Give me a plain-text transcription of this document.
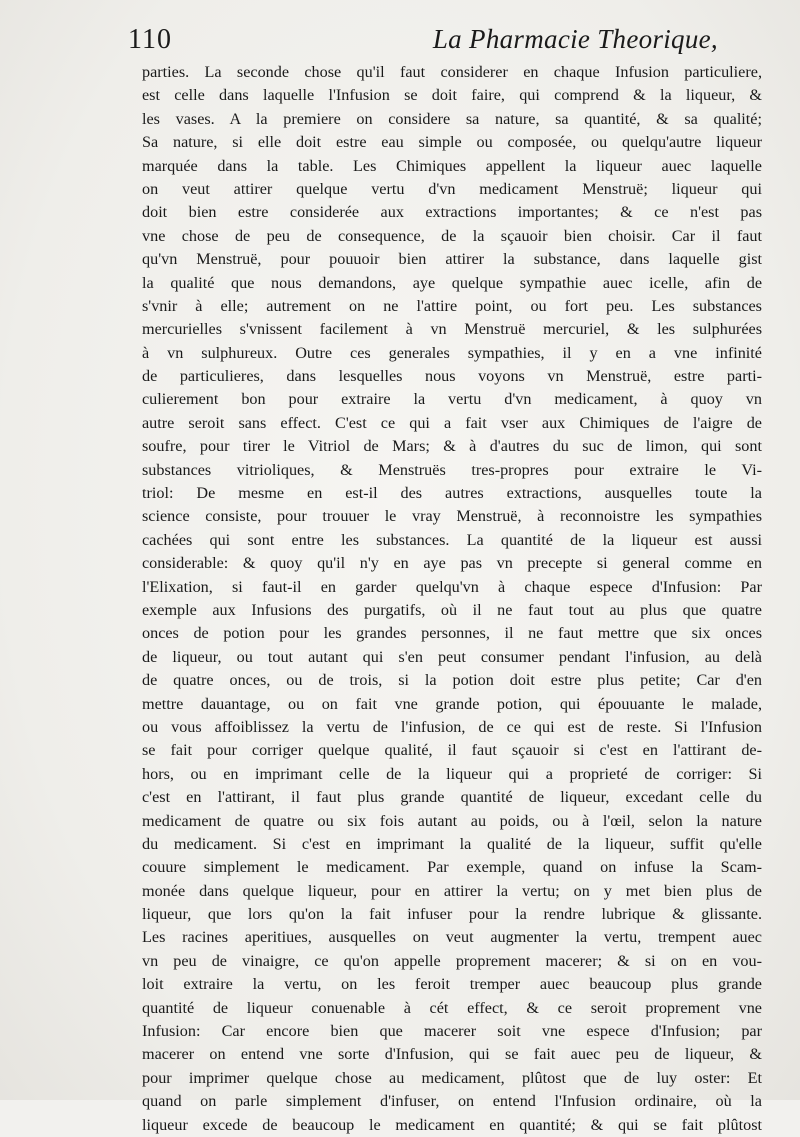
110	La Pharmacie Theorique,
parties. La seconde chose qu'il faut considerer en chaque Infusion particuliere,
est celle dans laquelle l'Infusion se doit faire, qui comprend & la liqueur, &
les vases. A la premiere on considere sa nature, sa quantité, & sa qualité;
Sa nature, si elle doit estre eau simple ou composée, ou quelqu'autre liqueur
marquée dans la table. Les Chimiques appellent la liqueur auec laquelle
on veut attirer quelque vertu d'vn medicament Menstruë; liqueur qui
doit bien estre considerée aux extractions importantes; & ce n'est pas
vne chose de peu de consequence, de la sçauoir bien choisir. Car il faut
qu'vn Menstruë, pour pouuoir bien attirer la substance, dans laquelle gist
la qualité que nous demandons, aye quelque sympathie auec icelle, afin de
s'vnir à elle; autrement on ne l'attire point, ou fort peu. Les substances
mercurielles s'vnissent facilement à vn Menstruë mercuriel, & les sulphurées
à vn sulphureux. Outre ces generales sympathies, il y en a vne infinité
de particulieres, dans lesquelles nous voyons vn Menstruë, estre parti-
culierement bon pour extraire la vertu d'vn medicament, à quoy vn
autre seroit sans effect. C'est ce qui a fait vser aux Chimiques de l'aigre de
soufre, pour tirer le Vitriol de Mars; & à d'autres du suc de limon, qui sont
substances vitrioliques, & Menstruës tres-propres pour extraire le Vi-
triol: De mesme en est-il des autres extractions, ausquelles toute la
science consiste, pour trouuer le vray Menstruë, à reconnoistre les sympathies
cachées qui sont entre les substances. La quantité de la liqueur est aussi
considerable: & quoy qu'il n'y en aye pas vn precepte si general comme en
l'Elixation, si faut-il en garder quelqu'vn à chaque espece d'Infusion: Par
exemple aux Infusions des purgatifs, où il ne faut tout au plus que quatre
onces de potion pour les grandes personnes, il ne faut mettre que six onces
de liqueur, ou tout autant qui s'en peut consumer pendant l'infusion, au delà
de quatre onces, ou de trois, si la potion doit estre plus petite; Car d'en
mettre dauantage, ou on fait vne grande potion, qui épouuante le malade,
ou vous affoiblissez la vertu de l'infusion, de ce qui est de reste. Si l'Infusion
se fait pour corriger quelque qualité, il faut sçauoir si c'est en l'attirant de-
hors, ou en imprimant celle de la liqueur qui a proprieté de corriger: Si
c'est en l'attirant, il faut plus grande quantité de liqueur, excedant celle du
medicament de quatre ou six fois autant au poids, ou à l'œil, selon la nature
du medicament. Si c'est en imprimant la qualité de la liqueur, suffit qu'elle
couure simplement le medicament. Par exemple, quand on infuse la Scam-
monée dans quelque liqueur, pour en attirer la vertu; on y met bien plus de
liqueur, que lors qu'on la fait infuser pour la rendre lubrique & glissante.
Les racines aperitiues, ausquelles on veut augmenter la vertu, trempent auec
vn peu de vinaigre, ce qu'on appelle proprement macerer; & si on en vou-
loit extraire la vertu, on les feroit tremper auec beaucoup plus grande
quantité de liqueur conuenable à cét effect, & ce seroit proprement vne
Infusion: Car encore bien que macerer soit vne espece d'Infusion; par
macerer on entend vne sorte d'Infusion, qui se fait auec peu de liqueur, &
pour imprimer quelque chose au medicament, plûtost que de luy oster: Et
quand on parle simplement d'infuser, on entend l'Infusion ordinaire, où la
liqueur excede de beaucoup le medicament en quantité; & qui se fait plûtost
